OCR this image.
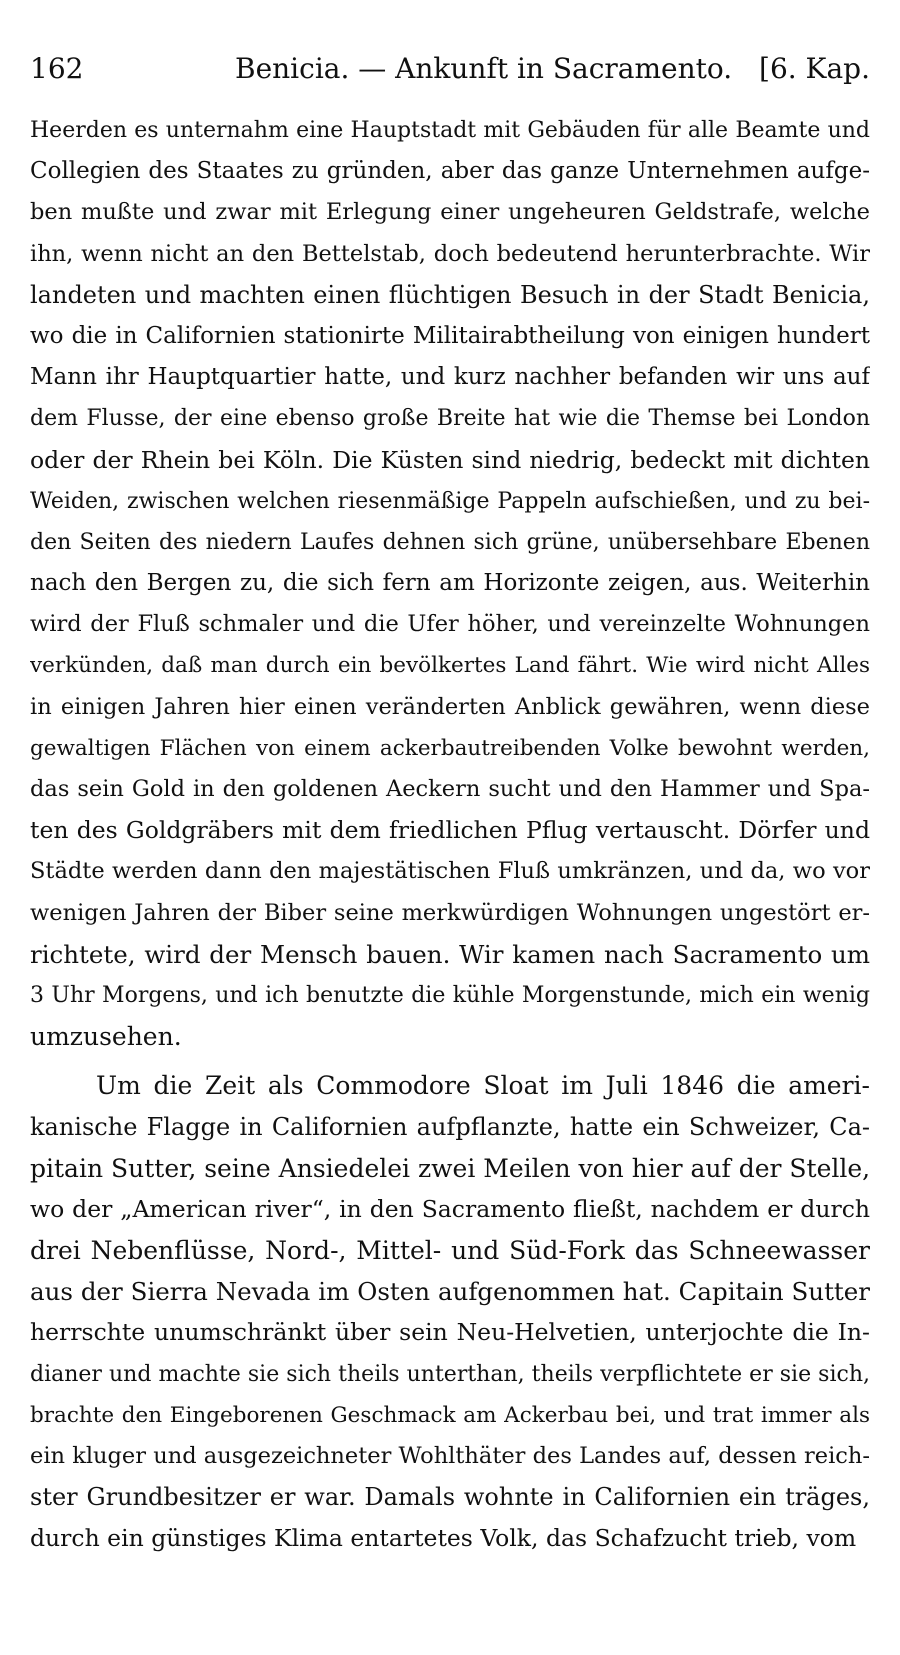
162	Benicia. — Ankunft in Sacramento. [6. Kap.
Heerden es unternahm eine Hauptstadt mit Gebäuden für alle Beamte und
Collegien des Staates zu gründen, aber das ganze Unternehmen aufge-
ben mußte und zwar mit Erlegung einer ungeheuren Geldstrafe, welche
ihn, wenn nicht an den Bettelstab, doch bedeutend herunterbrachte. Wir
landeten und machten einen flüchtigen Besuch in der Stadt Benicia,
wo die in Californien stationirte Militairabtheilung von einigen hundert
Mann ihr Hauptquartier hatte, und kurz nachher befanden wir uns auf
dem Flusse, der eine ebenso große Breite hat wie die Themse bei London
oder der Rhein bei Köln. Die Küsten sind niedrig, bedeckt mit dichten
Weiden, zwischen welchen riesenmäßige Pappeln aufschießen, und zu bei-
den Seiten des niedern Laufes dehnen sich grüne, unübersehbare Ebenen
nach den Bergen zu, die sich fern am Horizonte zeigen, aus. Weiterhin
wird der Fluß schmaler und die Ufer höher, und vereinzelte Wohnungen
verkünden, daß man durch ein bevölkertes Land fährt. Wie wird nicht Alles
in einigen Jahren hier einen veränderten Anblick gewähren, wenn diese
gewaltigen Flächen von einem ackerbautreibenden Volke bewohnt werden,
das sein Gold in den goldenen Aeckern sucht und den Hammer und Spa-
ten des Goldgräbers mit dem friedlichen Pflug vertauscht. Dörfer und
Städte werden dann den majestätischen Fluß umkränzen, und da, wo vor
wenigen Jahren der Biber seine merkwürdigen Wohnungen ungestört er-
richtete, wird der Mensch bauen. Wir kamen nach Sacramento um
3 Uhr Morgens, und ich benutzte die kühle Morgenstunde, mich ein wenig
umzusehen.
Um die Zeit als Commodore Sloat im Juli 1846 die ameri-
kanische Flagge in Californien aufpflanzte, hatte ein Schweizer, Ca-
pitain Sutter, seine Ansiedelei zwei Meilen von hier auf der Stelle,
wo der „American river“, in den Sacramento fließt, nachdem er durch
drei Nebenflüsse, Nord-, Mittel- und Süd-Fork das Schneewasser
aus der Sierra Nevada im Osten aufgenommen hat. Capitain Sutter
herrschte unumschränkt über sein Neu-Helvetien, unterjochte die In-
dianer und machte sie sich theils unterthan, theils verpflichtete er sie sich,
brachte den Eingeborenen Geschmack am Ackerbau bei, und trat immer als
ein kluger und ausgezeichneter Wohlthäter des Landes auf, dessen reich-
ster Grundbesitzer er war. Damals wohnte in Californien ein träges,
durch ein günstiges Klima entartetes Volk, das Schafzucht trieb, vom
